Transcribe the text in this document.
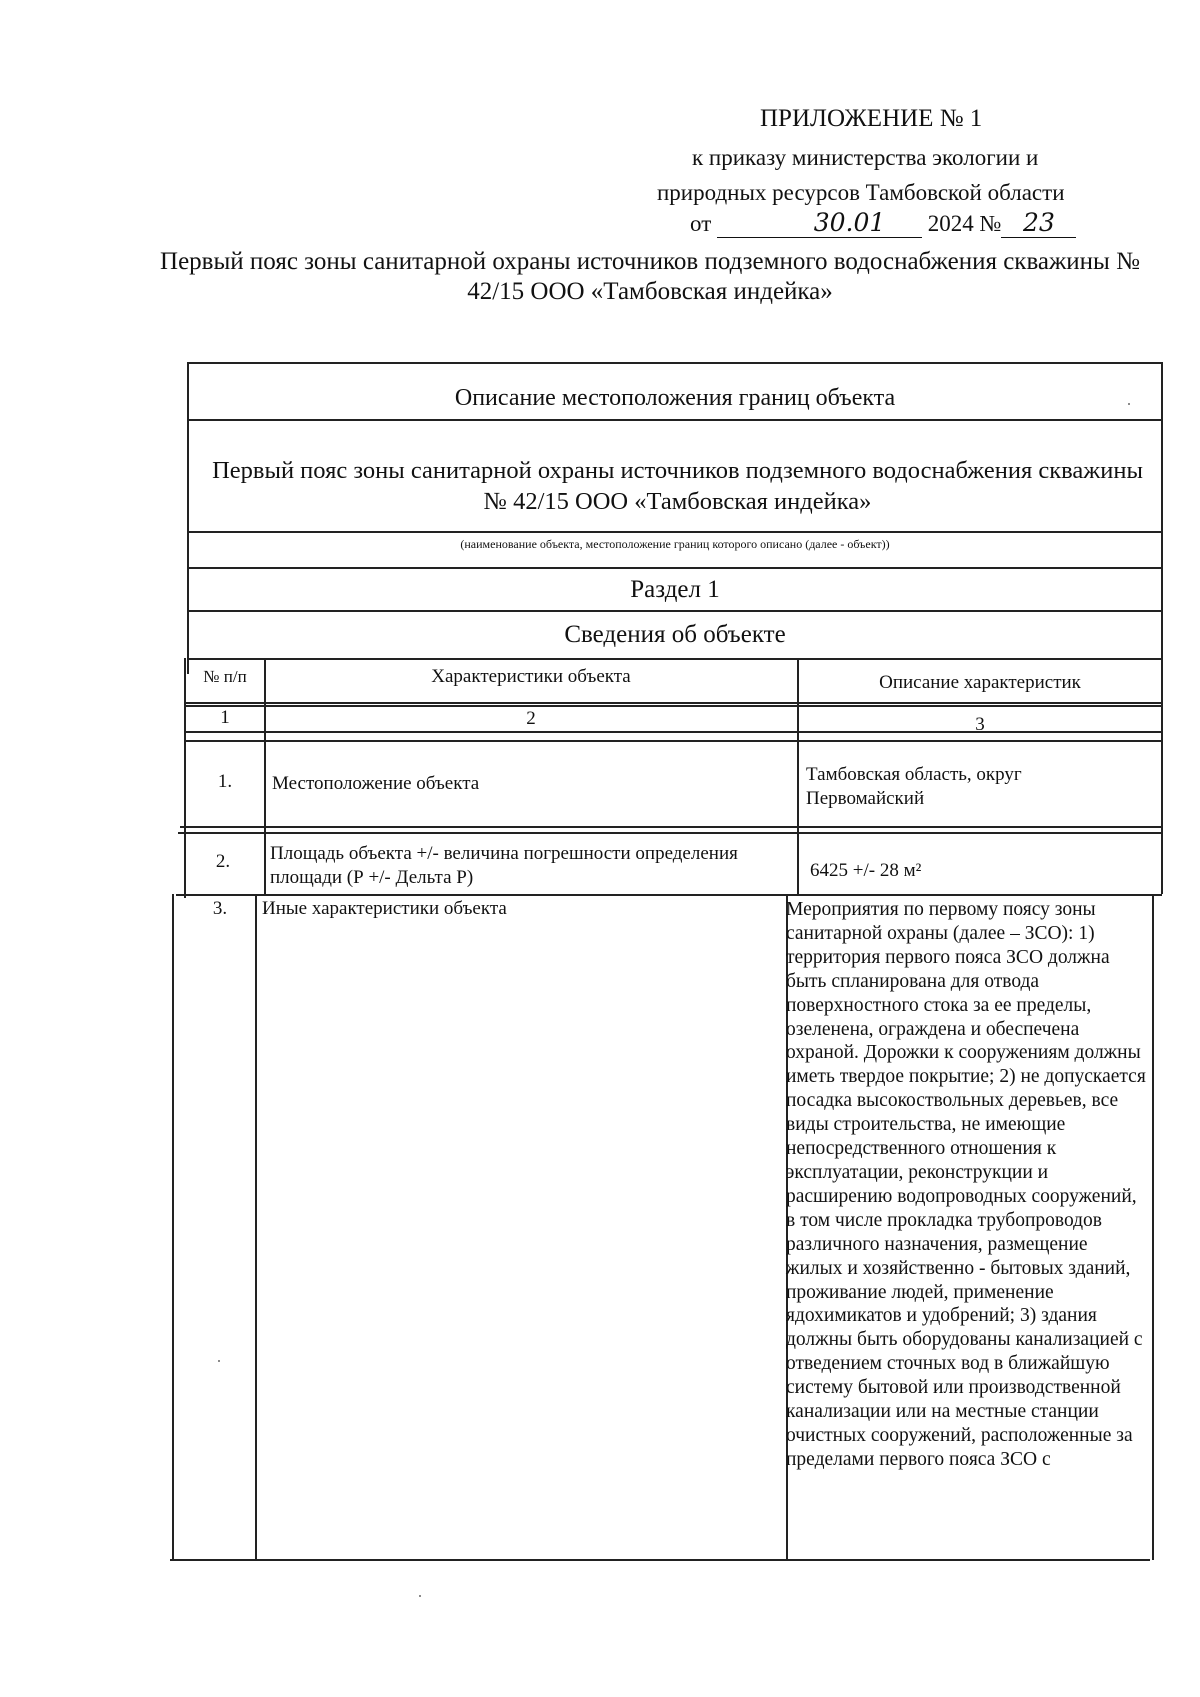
ПРИЛОЖЕНИЕ № 1
к приказу министерства экологии и
природных ресурсов Тамбовской области
от	30.01 2024 № 23
Первый пояс зоны санитарной охраны источников подземного водоснабжения скважины № 42/15 ООО «Тамбовская индейка»
Описание местоположения границ объекта
Первый пояс зоны санитарной охраны источников подземного водоснабжения скважины № 42/15 ООО «Тамбовская индейка»
(наименование объекта, местоположение границ которого описано (далее - объект))
Раздел 1
Сведения об объекте
№ п/п	Характеристики объекта	Описание характеристик
1	2	3
1.	Местоположение объекта	Тамбовская область, округ Первомайский
2.	Площадь объекта +/- величина погрешности определения площади (Р +/- Дельта Р)	6425 +/- 28 м²
3.	Иные характеристики объекта	Мероприятия по первому поясу зоны санитарной охраны (далее – ЗСО): 1) территория первого пояса ЗСО должна быть спланирована для отвода поверхностного стока за ее пределы, озеленена, ограждена и обеспечена охраной. Дорожки к сооружениям должны иметь твердое покрытие; 2) не допускается посадка высокоствольных деревьев, все виды строительства, не имеющие непосредственного отношения к эксплуатации, реконструкции и расширению водопроводных сооружений, в том числе прокладка трубопроводов различного назначения, размещение жилых и хозяйственно - бытовых зданий, проживание людей, применение ядохимикатов и удобрений; 3) здания должны быть оборудованы канализацией с отведением сточных вод в ближайшую систему бытовой или производственной канализации или на местные станции очистных сооружений, расположенные за пределами первого пояса ЗСО с
